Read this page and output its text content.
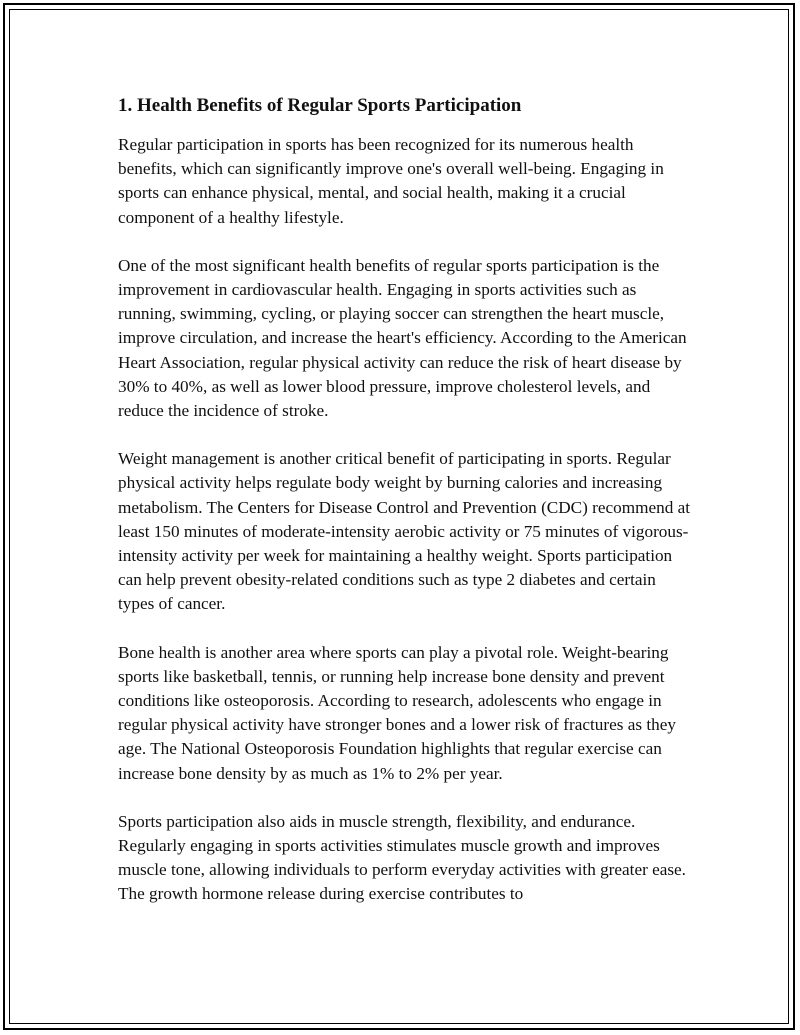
1. Health Benefits of Regular Sports Participation

Regular participation in sports has been recognized for its numerous health benefits, which can significantly improve one's overall well-being. Engaging in sports can enhance physical, mental, and social health, making it a crucial component of a healthy lifestyle.

One of the most significant health benefits of regular sports participation is the improvement in cardiovascular health. Engaging in sports activities such as running, swimming, cycling, or playing soccer can strengthen the heart muscle, improve circulation, and increase the heart's efficiency. According to the American Heart Association, regular physical activity can reduce the risk of heart disease by 30% to 40%, as well as lower blood pressure, improve cholesterol levels, and reduce the incidence of stroke.

Weight management is another critical benefit of participating in sports. Regular physical activity helps regulate body weight by burning calories and increasing metabolism. The Centers for Disease Control and Prevention (CDC) recommend at least 150 minutes of moderate-intensity aerobic activity or 75 minutes of vigorous-intensity activity per week for maintaining a healthy weight. Sports participation can help prevent obesity-related conditions such as type 2 diabetes and certain types of cancer.

Bone health is another area where sports can play a pivotal role. Weight-bearing sports like basketball, tennis, or running help increase bone density and prevent conditions like osteoporosis. According to research, adolescents who engage in regular physical activity have stronger bones and a lower risk of fractures as they age. The National Osteoporosis Foundation highlights that regular exercise can increase bone density by as much as 1% to 2% per year.

Sports participation also aids in muscle strength, flexibility, and endurance. Regularly engaging in sports activities stimulates muscle growth and improves muscle tone, allowing individuals to perform everyday activities with greater ease. The growth hormone release during exercise contributes to
